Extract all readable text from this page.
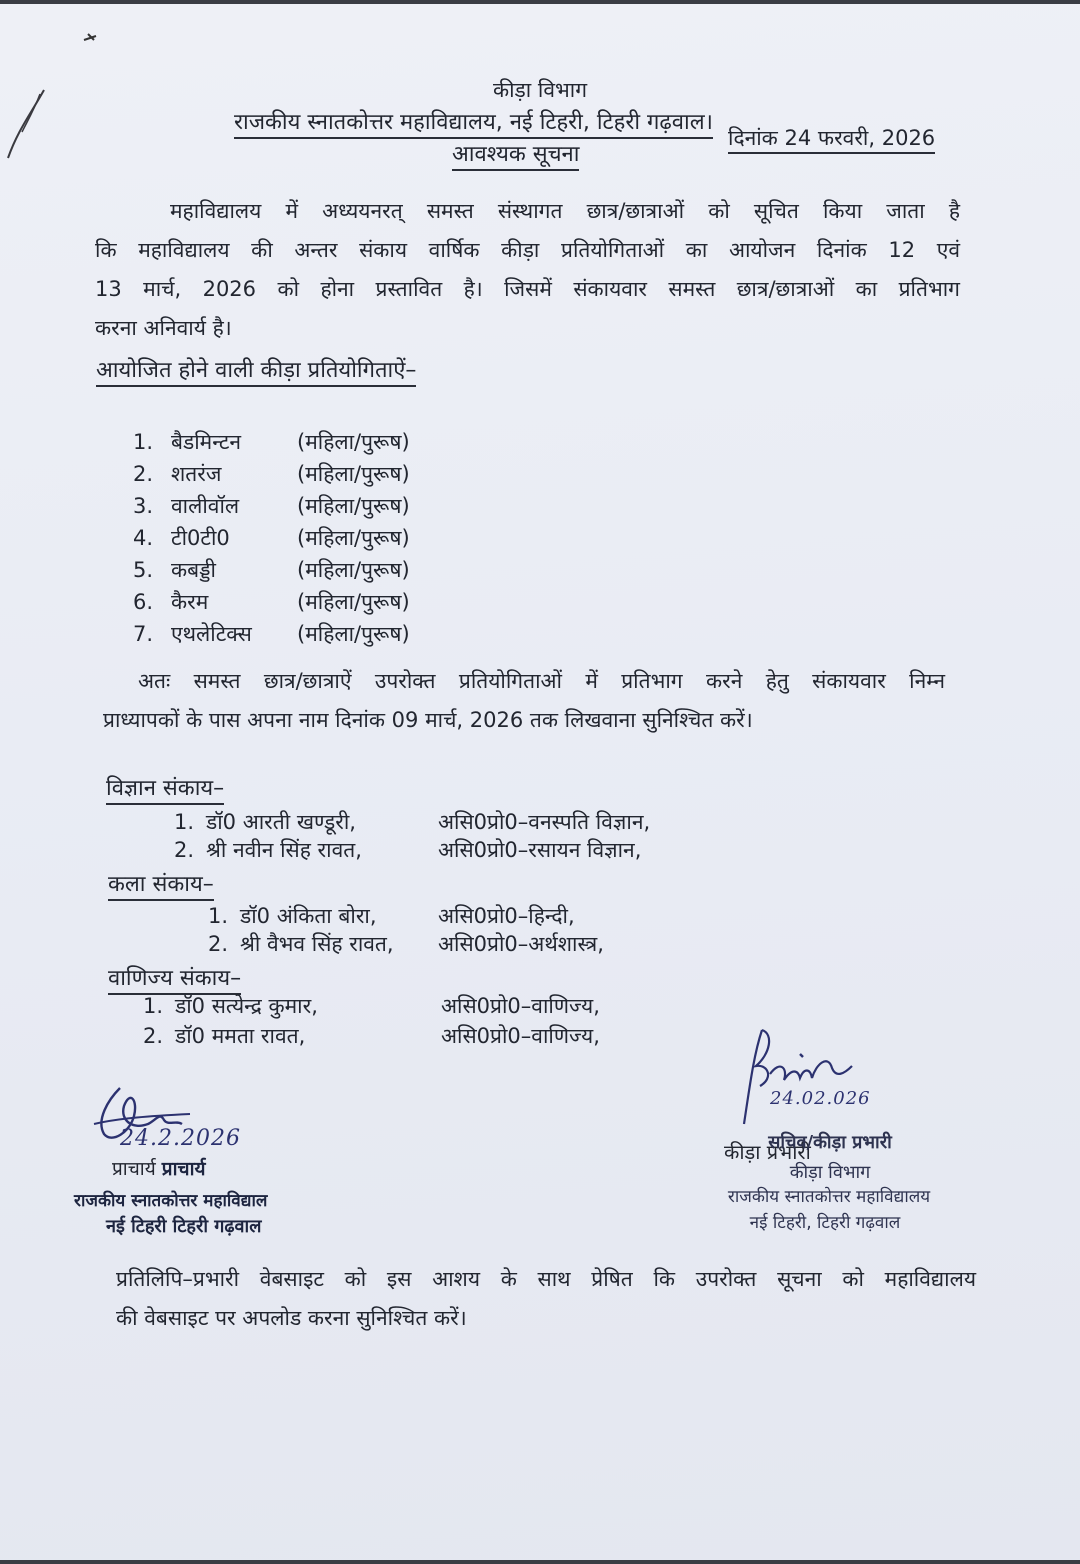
कीड़ा विभाग
राजकीय स्नातकोत्तर महाविद्यालय, नई टिहरी, टिहरी गढ़वाल।
आवश्यक सूचना
दिनांक 24 फरवरी, 2026

महाविद्यालय में अध्ययनरत् समस्त संस्थागत छात्र/छात्राओं को सूचित किया जाता है

कि महाविद्यालय की अन्तर संकाय वार्षिक कीड़ा प्रतियोगिताओं का आयोजन दिनांक 12 एवं

13 मार्च, 2026 को होना प्रस्तावित है। जिसमें संकायवार समस्त छात्र/छात्राओं का प्रतिभाग

करना अनिवार्य है।

आयोजित होने वाली कीड़ा प्रतियोगिताऐं–
1. बैडमिन्टन	(महिला/पुरूष)
2. शतरंज	(महिला/पुरूष)
3. वालीवॉल	(महिला/पुरूष)
4. टी0टी0	(महिला/पुरूष)
5. कबड्डी	(महिला/पुरूष)
6. कैरम	(महिला/पुरूष)
7. एथलेटिक्स (महिला/पुरूष)

अतः समस्त छात्र/छात्राऐं उपरोक्त प्रतियोगिताओं में प्रतिभाग करने हेतु संकायवार निम्न

प्राध्यापकों के पास अपना नाम दिनांक 09 मार्च, 2026 तक लिखवाना सुनिश्चित करें।

विज्ञान संकाय–
1. डॉ0 आरती खण्डूरी,	असि0प्रो0–वनस्पति विज्ञान,
2. श्री नवीन सिंह रावत,	असि0प्रो0–रसायन विज्ञान,
कला संकाय–
1. डॉ0 अंकिता बोरा,	असि0प्रो0–हिन्दी,
2. श्री वैभव सिंह रावत, असि0प्रो0–अर्थशास्त्र,
वाणिज्य संकाय–
1. डॉ0 सत्येन्द्र कुमार,	असि0प्रो0–वाणिज्य,
2. डॉ0 ममता रावत,	असि0प्रो0–वाणिज्य,
24.2.2026
प्राचार्य प्राचार्य
राजकीय स्नातकोत्तर महाविद्याल
नई टिहरी टिहरी गढ़वाल
24.02.026
कीड़ा प्रभारी
सचिव/कीड़ा प्रभारी
कीड़ा विभाग
राजकीय स्नातकोत्तर महाविद्यालय
नई टिहरी, टिहरी गढ़वाल

प्रतिलिपि–प्रभारी वेबसाइट को इस आशय के साथ प्रेषित कि उपरोक्त सूचना को महाविद्यालय

की वेबसाइट पर अपलोड करना सुनिश्चित करें।
